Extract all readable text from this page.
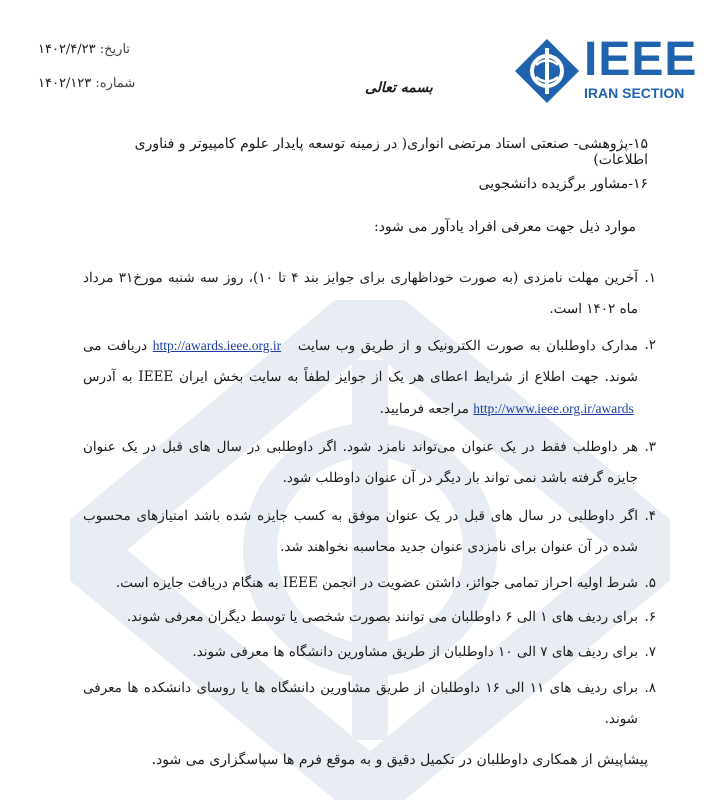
IEEE
IRAN SECTION
تاریخ: ۱۴۰۲/۴/۲۳
شماره: ۱۴۰۲/۱۲۳	بسمه تعالی
۱۵-پژوهشی- صنعتی استاد مرتضی انواری( در زمینه توسعه پایدار علوم کامپیوتر و فناوری اطلاعات)
۱۶-مشاور برگزیده دانشجویی
موارد ذیل جهت معرفی افراد یادآور می شود:
۱.
آخرین مهلت نامزدی (به صورت خوداظهاری برای جوایز بند ۴ تا ۱۰)، روز سه شنبه مورخ۳۱ مرداد ماه ۱۴۰۲ است.
۲.
مدارک داوطلبان به صورت الکترونیک و از طریق وب سایت   http://awards.ieee.org.ir دریافت می شوند. جهت اطلاع از شرایط اعطای هر یک از جوایز لطفاً به سایت بخش ایران IEEE به آدرس  http://www.ieee.org.ir/awards مراجعه فرمایید.
۳.
هر داوطلب فقط در یک عنوان می‌تواند نامزد شود. اگر داوطلبی در سال های قبل در یک عنوان جایزه گرفته باشد نمی تواند بار دیگر در آن عنوان داوطلب شود.
۴.
اگر داوطلبی در سال های قبل در یک عنوان موفق به کسب جایزه شده باشد امتیازهای محسوب شده در آن عنوان برای نامزدی عنوان جدید محاسبه نخواهند شد.
۵.
شرط اولیه احراز تمامی جوائز، داشتن عضویت در انجمن IEEE به هنگام دریافت جایزه است.
۶.
برای ردیف های ۱ الی ۶ داوطلبان می توانند بصورت شخصی یا توسط دیگران معرفی شوند.
۷.
برای ردیف های ۷ الی ۱۰ داوطلبان از طریق مشاورین دانشگاه ها معرفی شوند.
۸.
برای ردیف های ۱۱ الی ۱۶ داوطلبان از طریق مشاورین دانشگاه ها یا روسای دانشکده ها معرفی شوند.
پیشاپیش از همکاری داوطلبان در تکمیل دقیق و به موقع فرم ها سپاسگزاری می شود.
